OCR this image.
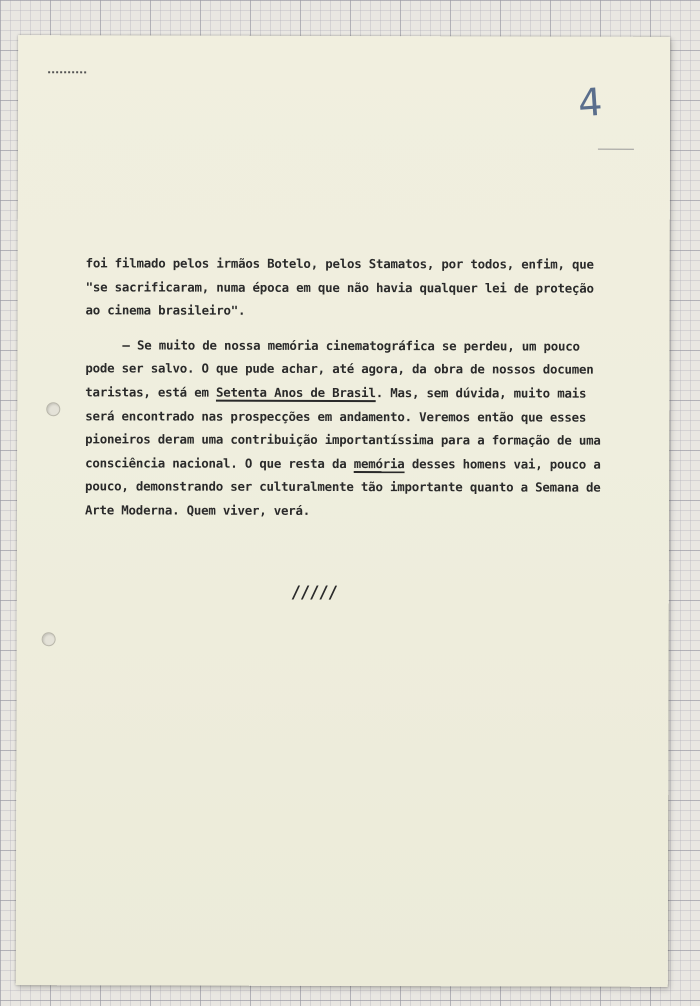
4
foi filmado pelos irmãos Botelo, pelos Stamatos, por todos, enfim, que
"se sacrificaram, numa época em que não havia qualquer lei de proteção
ao cinema brasileiro".
— Se muito de nossa memória cinematográfica se perdeu, um pouco
pode ser salvo. O que pude achar, até agora, da obra de nossos documen
taristas, está em Setenta Anos de Brasil. Mas, sem dúvida, muito mais
será encontrado nas prospecções em andamento. Veremos então que esses
pioneiros deram uma contribuição importantíssima para a formação de uma
consciência nacional. O que resta da memória desses homens vai, pouco a
pouco, demonstrando ser culturalmente tão importante quanto a Semana de
Arte Moderna. Quem viver, verá.
/////
